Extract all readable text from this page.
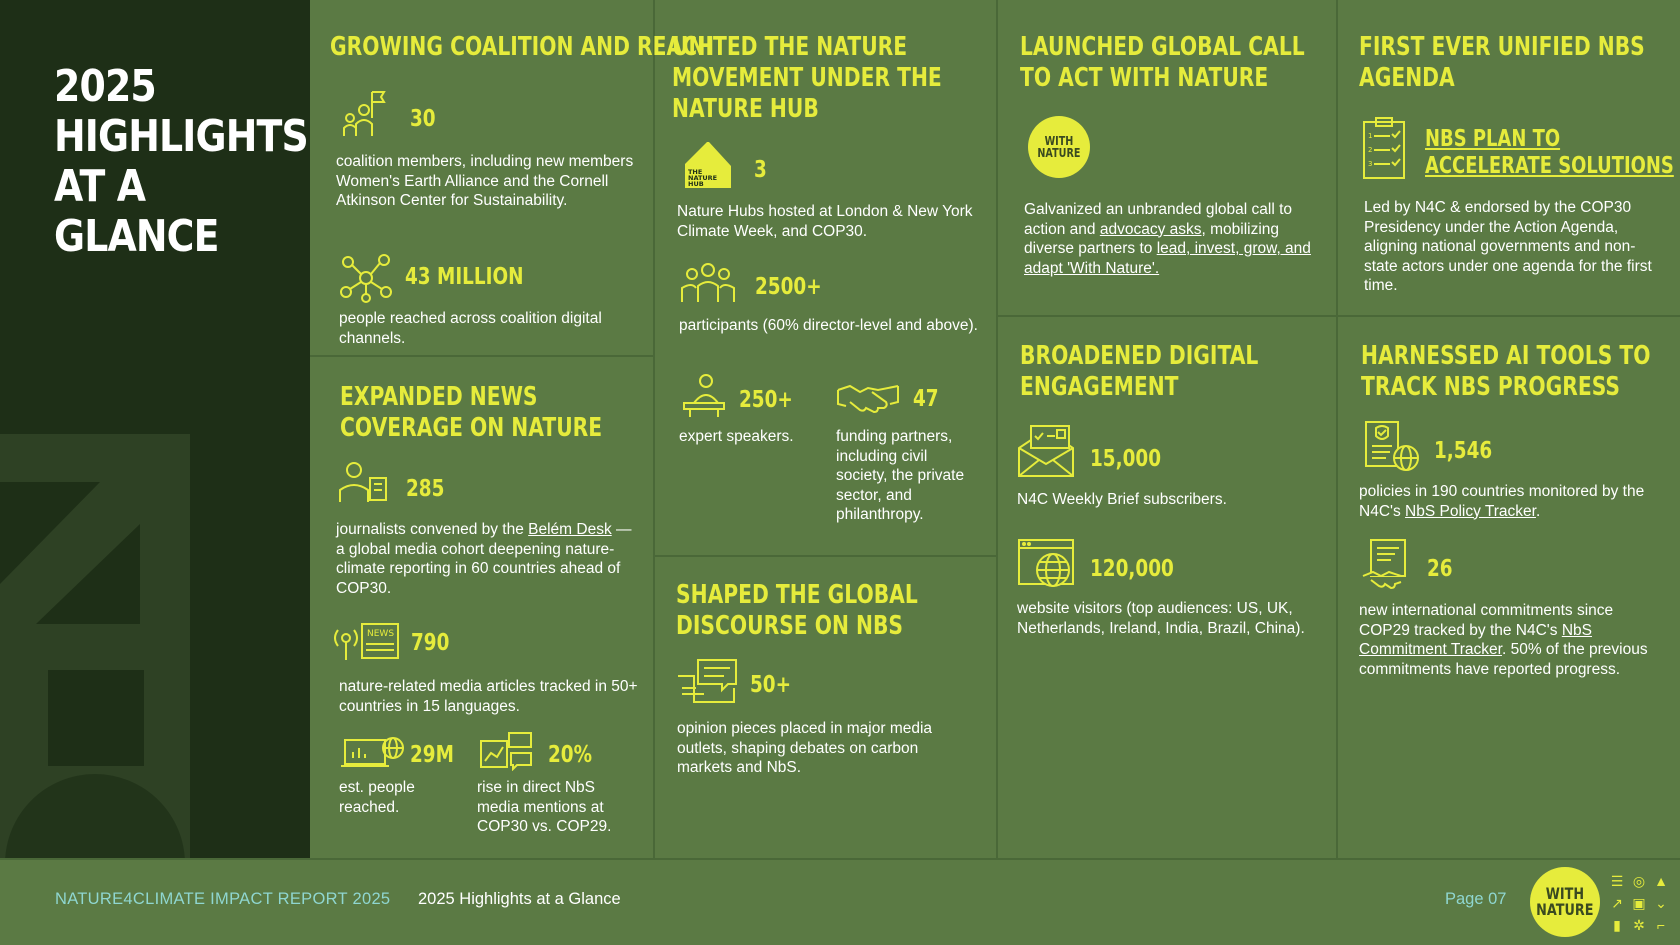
2025
HIGHLIGHTS
AT A
GLANCE
GROWING COALITION AND REACH
30
coalition members, including new members Women's Earth Alliance and the Cornell Atkinson Center for Sustainability.
43 MILLION
people reached across coalition digital channels.
EXPANDED NEWS
COVERAGE ON NATURE
285
journalists convened by the Belém Desk — a global media cohort deepening nature-climate reporting in 60 countries ahead of COP30.
NEWS 790
nature-related media articles tracked in 50+ countries in 15 languages.
29M
est. people reached.
20%
rise in direct NbS media mentions at COP30 vs. COP29.
UNITED THE NATURE
MOVEMENT UNDER THE
NATURE HUB
THE
NATURE
HUB
3
Nature Hubs hosted at London & New York Climate Week, and COP30.
2500+
participants (60% director-level and above).
250+
expert speakers.
47
funding partners, including civil society, the private sector, and philanthropy.
SHAPED THE GLOBAL
DISCOURSE ON NBS
50+
opinion pieces placed in major media outlets, shaping debates on carbon markets and NbS.
LAUNCHED GLOBAL CALL
TO ACT WITH NATURE
WITH
NATURE
Galvanized an unbranded global call to action and advocacy asks, mobilizing diverse partners to lead, invest, grow, and adapt 'With Nature'.
BROADENED DIGITAL
ENGAGEMENT
15,000
N4C Weekly Brief subscribers.
120,000
website visitors (top audiences: US, UK, Netherlands, Ireland, India, Brazil, China).
FIRST EVER UNIFIED NBS
AGENDA
1
2
3
NBS PLAN TO
ACCELERATE SOLUTIONS
Led by N4C & endorsed by the COP30 Presidency under the Action Agenda, aligning national governments and non-state actors under one agenda for the first time.
HARNESSED AI TOOLS TO
TRACK NBS PROGRESS
1,546
policies in 190 countries monitored by the N4C's NbS Policy Tracker.
26
new international commitments since COP29 tracked by the N4C's NbS Commitment Tracker. 50% of the previous commitments have reported progress.
NATURE4CLIMATE IMPACT REPORT 2025 2025 Highlights at a Glance	Page 07 WITH
NATURE
☰ ◎ ▲
↗ ▣ ⌄
▮ ✲ ⌐
